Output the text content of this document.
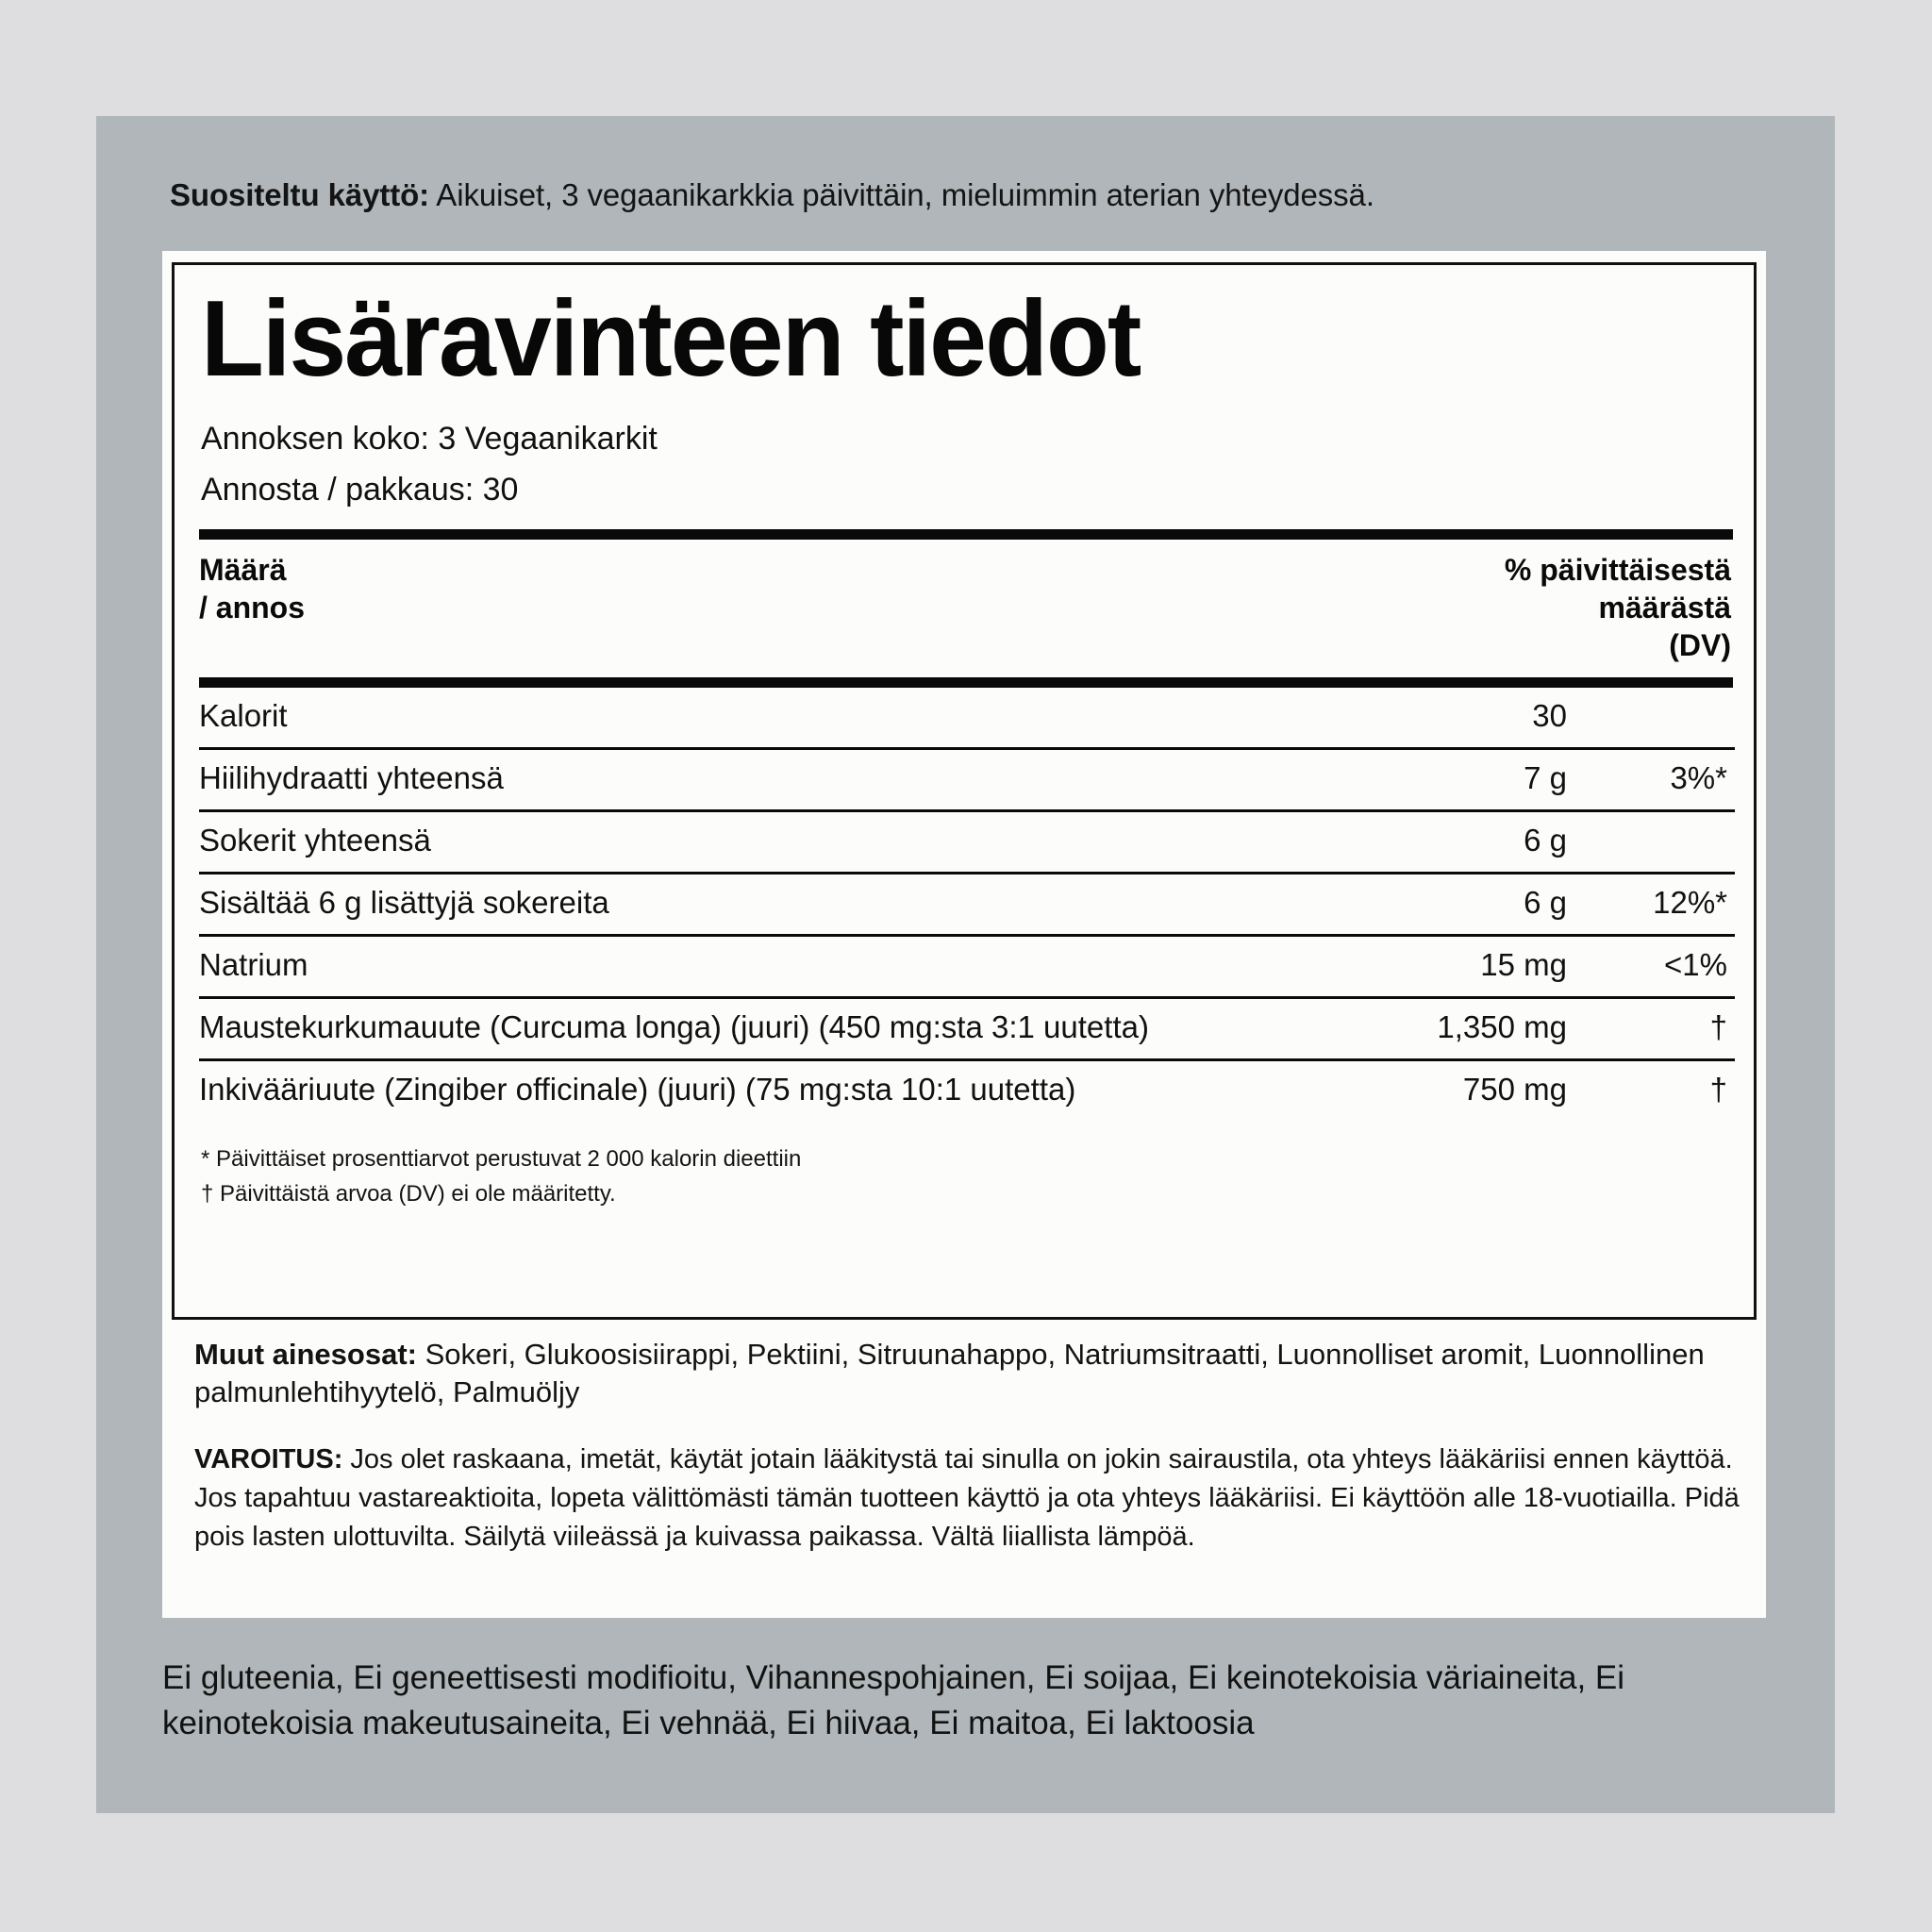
Suositeltu käyttö: Aikuiset, 3 vegaanikarkkia päivittäin, mieluimmin aterian yhteydessä.
Lisäravinteen tiedot
Annoksen koko: 3 Vegaanikarkit
Annosta / pakkaus: 30
Määrä
/ annos
% päivittäisestä
määrästä
(DV)
Kalorit	30	
Hiilihydraatti yhteensä	7 g	3%*
Sokerit yhteensä	6 g	
Sisältää 6 g lisättyjä sokereita	6 g	12%*
Natrium	15 mg	<1%
Maustekurkumauute (Curcuma longa) (juuri) (450 mg:sta 3:1 uutetta)	1,350 mg	†
Inkivääriuute (Zingiber officinale) (juuri) (75 mg:sta 10:1 uutetta)	750 mg	†
* Päivittäiset prosenttiarvot perustuvat 2 000 kalorin dieettiin
† Päivittäistä arvoa (DV) ei ole määritetty.
Muut ainesosat: Sokeri, Glukoosisiirappi, Pektiini, Sitruunahappo, Natriumsitraatti, Luonnolliset aromit, Luonnollinen palmunlehtihyytelö, Palmuöljy
VAROITUS: Jos olet raskaana, imetät, käytät jotain lääkitystä tai sinulla on jokin sairaustila, ota yhteys lääkäriisi ennen käyttöä. Jos tapahtuu vastareaktioita, lopeta välittömästi tämän tuotteen käyttö ja ota yhteys lääkäriisi. Ei käyttöön alle 18-vuotiailla. Pidä pois lasten ulottuvilta. Säilytä viileässä ja kuivassa paikassa. Vältä liiallista lämpöä.
Ei gluteenia, Ei geneettisesti modifioitu, Vihannespohjainen, Ei soijaa, Ei keinotekoisia väriaineita, Ei keinotekoisia makeutusaineita, Ei vehnää, Ei hiivaa, Ei maitoa, Ei laktoosia
